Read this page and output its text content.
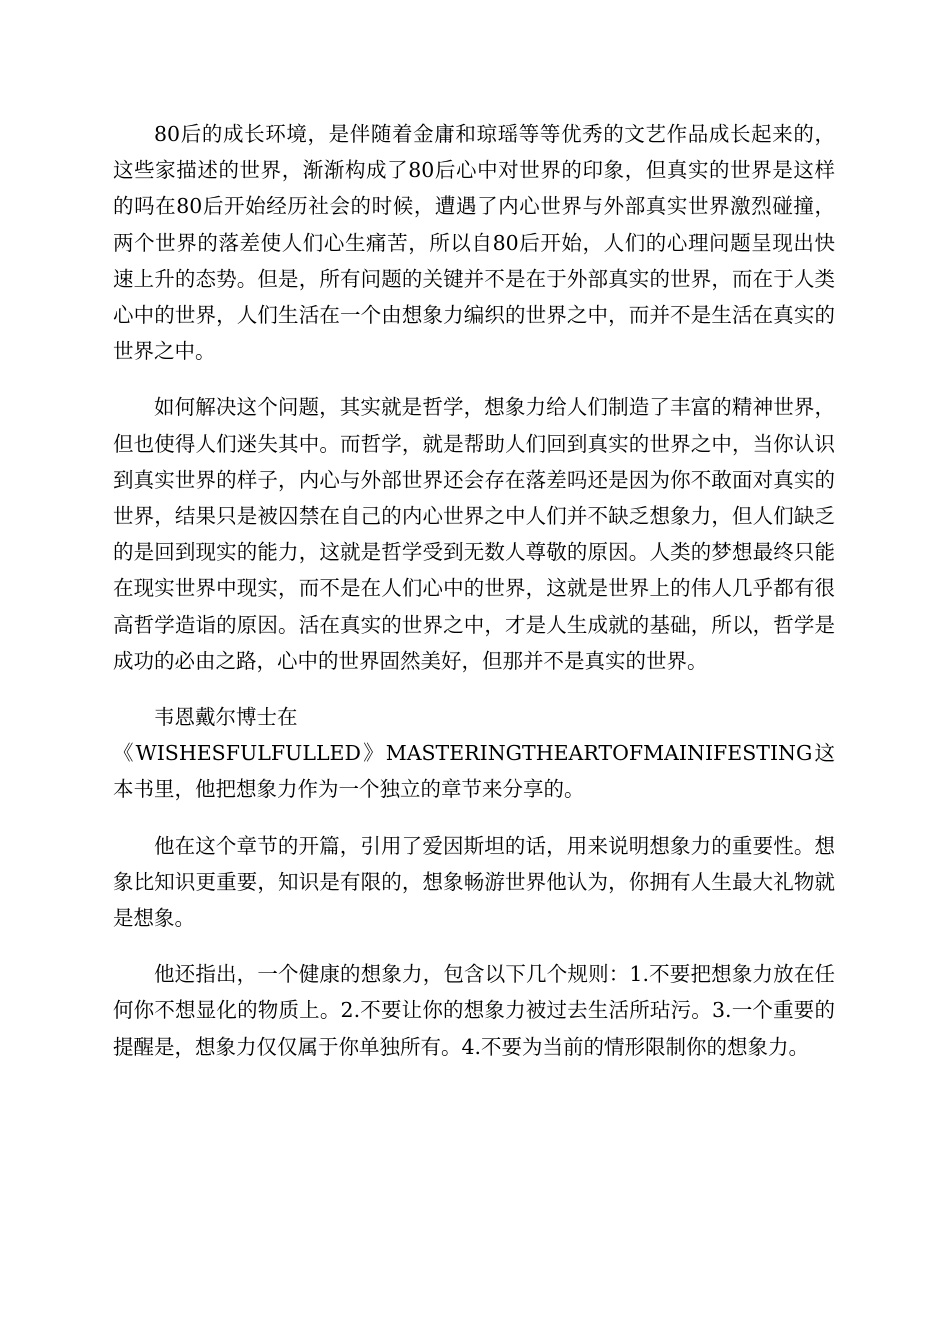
80后的成长环境，是伴随着金庸和琼瑶等等优秀的文艺作品成长起来的，这些家描述的世界，渐渐构成了80后心中对世界的印象，但真实的世界是这样的吗在80后开始经历社会的时候，遭遇了内心世界与外部真实世界激烈碰撞，两个世界的落差使人们心生痛苦，所以自80后开始，人们的心理问题呈现出快速上升的态势。但是，所有问题的关键并不是在于外部真实的世界，而在于人类心中的世界，人们生活在一个由想象力编织的世界之中，而并不是生活在真实的世界之中。

如何解决这个问题，其实就是哲学，想象力给人们制造了丰富的精神世界，但也使得人们迷失其中。而哲学，就是帮助人们回到真实的世界之中，当你认识到真实世界的样子，内心与外部世界还会存在落差吗还是因为你不敢面对真实的世界，结果只是被囚禁在自己的内心世界之中人们并不缺乏想象力，但人们缺乏的是回到现实的能力，这就是哲学受到无数人尊敬的原因。人类的梦想最终只能在现实世界中现实，而不是在人们心中的世界，这就是世界上的伟人几乎都有很高哲学造诣的原因。活在真实的世界之中，才是人生成就的基础，所以，哲学是成功的必由之路，心中的世界固然美好，但那并不是真实的世界。

韦恩戴尔博士在
《WISHESFULFULLED》MASTERINGTHEARTOFMAINIFESTING这本书里，他把想象力作为一个独立的章节来分享的。

他在这个章节的开篇，引用了爱因斯坦的话，用来说明想象力的重要性。想象比知识更重要，知识是有限的，想象畅游世界他认为，你拥有人生最大礼物就是想象。

他还指出，一个健康的想象力，包含以下几个规则：1.不要把想象力放在任何你不想显化的物质上。2.不要让你的想象力被过去生活所玷污。3.一个重要的提醒是，想象力仅仅属于你单独所有。4.不要为当前的情形限制你的想象力。
